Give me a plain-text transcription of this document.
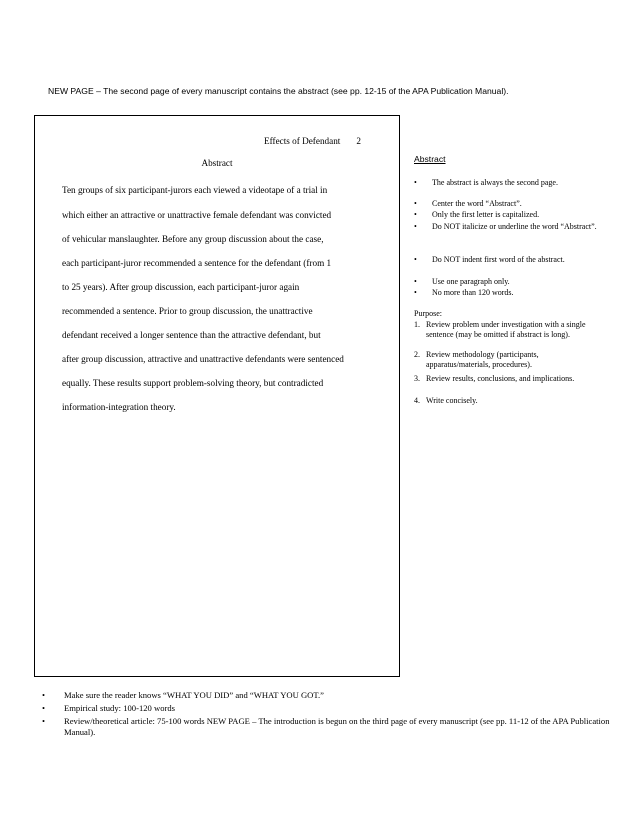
NEW PAGE – The second page of every manuscript contains the abstract (see pp. 12-15 of the APA Publication Manual).
Effects of Defendant 2
Abstract
Ten groups of six participant-jurors each viewed a videotape of a trial in
which either an attractive or unattractive female defendant was convicted
of vehicular manslaughter. Before any group discussion about the case,
each participant-juror recommended a sentence for the defendant (from 1
to 25 years). After group discussion, each participant-juror again
recommended a sentence. Prior to group discussion, the unattractive
defendant received a longer sentence than the attractive defendant, but
after group discussion, attractive and unattractive defendants were sentenced
equally. These results support problem-solving theory, but contradicted
information-integration theory.
Abstract
• The abstract is always the second page.
• Center the word “Abstract”.
• Only the first letter is capitalized.
• Do NOT italicize or underline the word “Abstract”.
• Do NOT indent first word of the abstract.
• Use one paragraph only.
• No more than 120 words.
Purpose:
1. Review problem under investigation with a single sentence (may be omitted if abstract is long).
2. Review methodology (participants, apparatus/materials, procedures).
3. Review results, conclusions, and implications.
4. Write concisely.
• Make sure the reader knows “WHAT YOU DID” and “WHAT YOU GOT.”
• Empirical study: 100-120 words
• Review/theoretical article: 75-100 words NEW PAGE – The introduction is begun on the third page of every manuscript (see pp. 11-12 of the APA Publication Manual).
